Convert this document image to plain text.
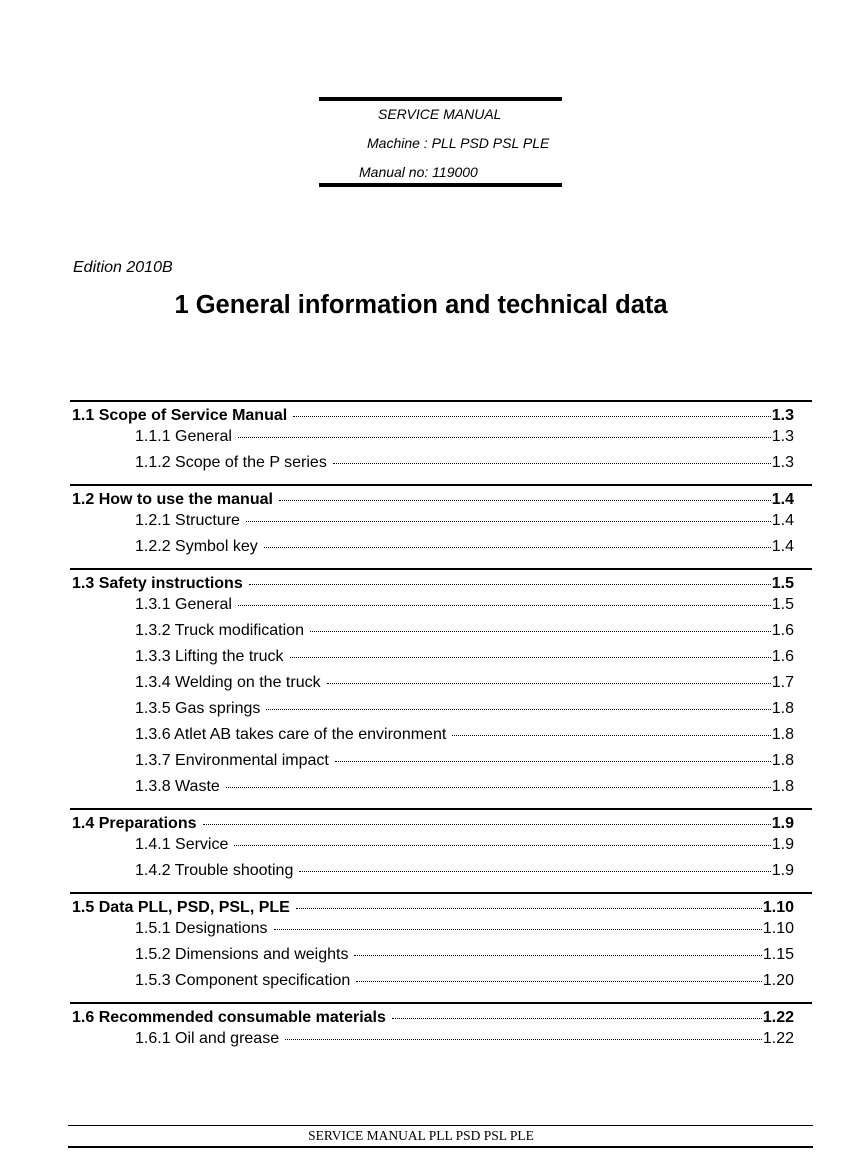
SERVICE MANUAL
Machine : PLL PSD PSL PLE
Manual no: 119000
Edition 2010B
1 General information and technical data
1.1 Scope of Service Manual	1.3
1.1.1 General	1.3
1.1.2 Scope of the P series	1.3
1.2 How to use the manual	1.4
1.2.1 Structure	1.4
1.2.2 Symbol key	1.4
1.3 Safety instructions	1.5
1.3.1 General	1.5
1.3.2 Truck modification	1.6
1.3.3 Lifting the truck	1.6
1.3.4 Welding on the truck	1.7
1.3.5 Gas springs	1.8
1.3.6 Atlet AB takes care of the environment	1.8
1.3.7 Environmental impact	1.8
1.3.8 Waste	1.8
1.4 Preparations	1.9
1.4.1 Service	1.9
1.4.2 Trouble shooting	1.9
1.5 Data PLL, PSD, PSL, PLE	1.10
1.5.1 Designations	1.10
1.5.2 Dimensions and weights	1.15
1.5.3 Component specification	1.20
1.6 Recommended consumable materials	1.22
1.6.1 Oil and grease	1.22
SERVICE MANUAL PLL PSD PSL PLE
